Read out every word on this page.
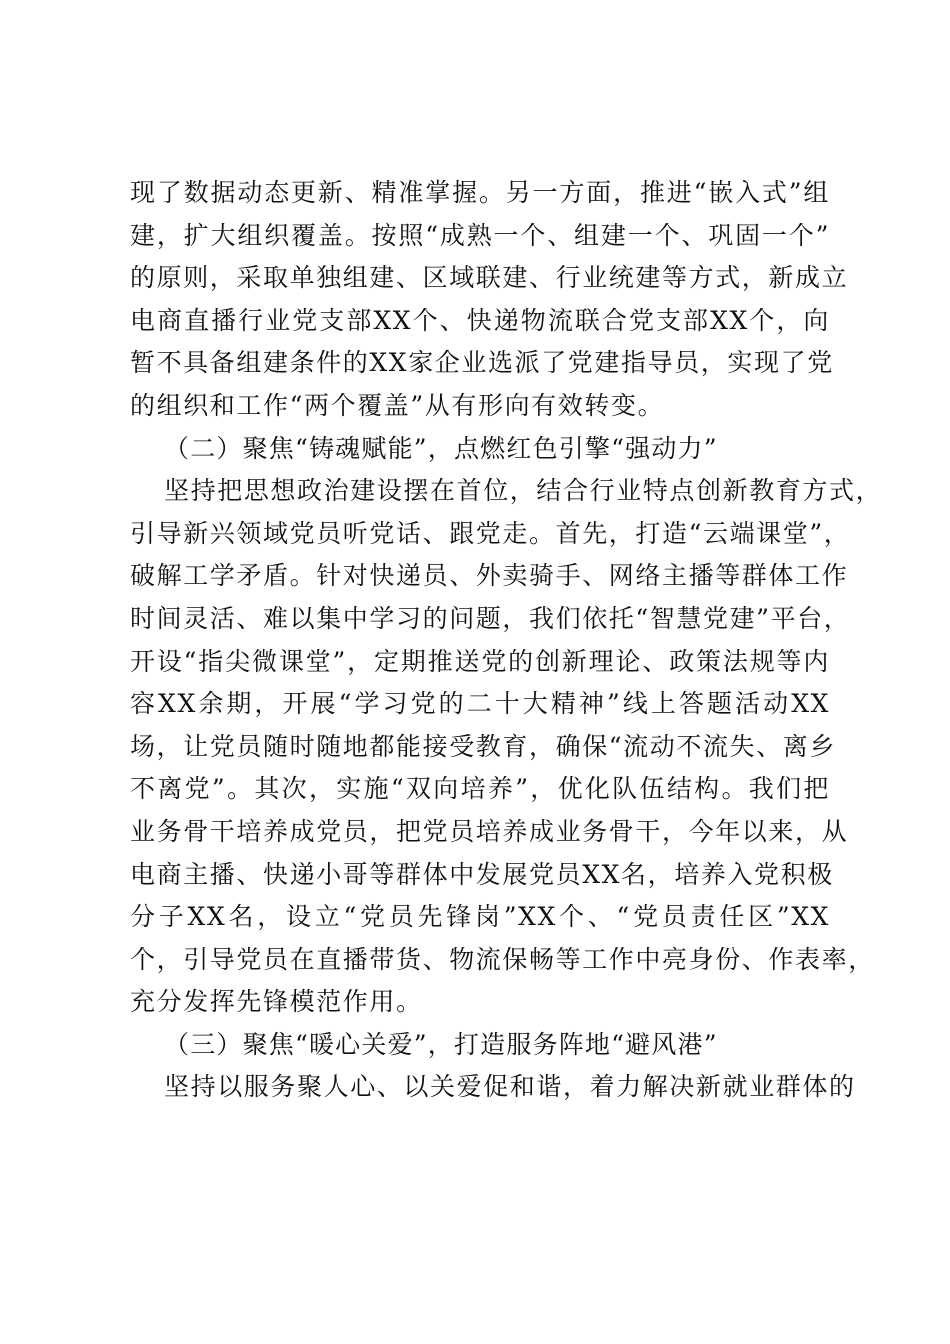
现了数据动态更新、精准掌握。另一方面，推进“嵌入式”组
建，扩大组织覆盖。按照“成熟一个、组建一个、巩固一个”
的原则，采取单独组建、区域联建、行业统建等方式，新成立
电商直播行业党支部XX个、快递物流联合党支部XX个，向
暂不具备组建条件的XX家企业选派了党建指导员，实现了党
的组织和工作“两个覆盖”从有形向有效转变。
（二）聚焦“铸魂赋能”，点燃红色引擎“强动力”
坚持把思想政治建设摆在首位，结合行业特点创新教育方式，
引导新兴领域党员听党话、跟党走。首先，打造“云端课堂”，
破解工学矛盾。针对快递员、外卖骑手、网络主播等群体工作
时间灵活、难以集中学习的问题，我们依托“智慧党建”平台，
开设“指尖微课堂”，定期推送党的创新理论、政策法规等内
容XX余期，开展“学习党的二十大精神”线上答题活动XX
场，让党员随时随地都能接受教育，确保“流动不流失、离乡
不离党”。其次，实施“双向培养”，优化队伍结构。我们把
业务骨干培养成党员，把党员培养成业务骨干，今年以来，从
电商主播、快递小哥等群体中发展党员XX名，培养入党积极
分子XX名，设立“党员先锋岗”XX个、“党员责任区”XX
个，引导党员在直播带货、物流保畅等工作中亮身份、作表率，
充分发挥先锋模范作用。
（三）聚焦“暖心关爱”，打造服务阵地“避风港”
坚持以服务聚人心、以关爱促和谐，着力解决新就业群体的
